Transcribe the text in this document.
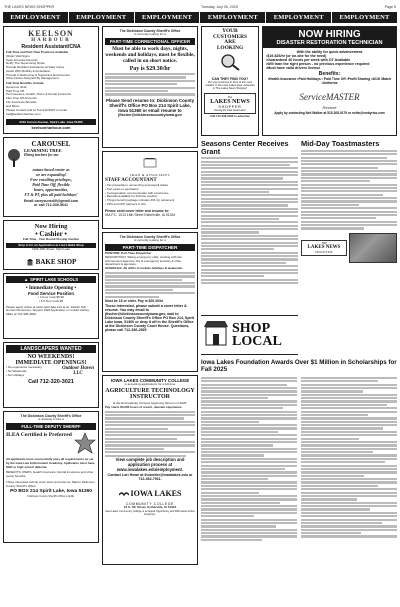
THE LAKES NEWS SHOPPER	Tuesday, July 05, 2025	Page 5
EMPLOYMENT	EMPLOYMENT	EMPLOYMENT	EMPLOYMENT	EMPLOYMENT	EMPLOYMENT
KEELSON
HARBOUR
Resident Assistant/CNA
Full-Time and Part-Time Positions Available
Obtain Vital Signs
Keep Accurate Records
Notify The Supervising Nurse
Provide Resident Assistance w/ Daily Cares
Assist With Mobility & Ambulation
Provide a Welcoming & Supportive Environment
Other Duties Assigned By Management
Full-Time Benefits include:
Generous 401k
Paid Time Off
Pet Insurance, Health, Vision & Dental Insurance
Flex Time Off Accounts
Life Insurance Benefits
and More!
Please Contact Cali at 712-210-5097 or email: cali@keelsonharbour.com
2010 Aurora Avenue, Spirit Lake, Iowa 51360
keelsonharbour.com
CAROUSEL
LEARNING TREE
Hiring teachers for our
nature based center as
we are expanding!
Free enrolling privileges,
Paid Time Off, flexible
hours, opportunities,
FT & PT, plus all paid holidays!
Email carrysunsdill@gmail.com
or call 712-339-5641
Now Hiring
• Cashier •
Full-Time - Year Round Closing Cashier
Stop in for an Application at Lisa's Bake Shop
1906 18th Street, Spirit Lake
BAKE SHOP
▲ SPIRIT LAKE SCHOOLS
• Immediate Opening •
Food Service Position
• 4 hour cook $5.90
• 5.5 hour cook $5
Please apply online at www.spirit-lake.k12.ia.us. District Tab, Human Resources, Support Staff Application or contact Ashley Miller at 712-336-2820.
LANDSCAPERS WANTED
NO WEEKENDS!
IMMEDIATE OPENINGS!
• No experience necessary
• No Weekends
• No Holidays
Outdoor Haven LLC
Call 712-320-3021
The Dickinson County Sheriff's Office
is Seeking to hire a
FULL-TIME DEPUTY SHERIFF
ILEA Certified is Preferred
All applicants must successfully pass all requirements as set by the Iowa Law Enforcement Academy. Applicants must have GED or high school diploma.
BENEFITS: IPERS, Health Insurance, Dental insurance and other yearly benefits.
Those interested submit cover letter and resume. Mail to Dickinson County Sheriff's Office
PO BOX 214 Spirit Lake, Iowa 51360
Dickinson County Sheriff's Office is EOE.
The Dickinson County Sheriff's Office
is currently looking for a
PART-TIME CORRECTIONAL OFFICER
Must be able to work days, nights, weekends and holidays, must be flexible, called in on short notice.
Pay is $29.30/hr
Please Send resume to: Dickinson County Sheriff's Office PO Box 214 Spirit Lake, Iowa 51360 or email resume to
jfischer@dickinsoncountyiowa.gov
IMAN & ASSOCIATES
STAFF ACCOUNTANT
• Tax preparation, accounting and payroll duties
• Two years or equivalent
• Compensation commensurate with experience
• Benefits available for full-time position
• Things benefit package includes 401 (k) retirement
• CPA and CFP partners in firm
Please send cover letter and resume to:
ISA P.C. 1013 16th Street Estherville, IA 51334
The Dickinson County Sheriff's Office
is currently looking for a
PART-TIME DISPATCHER
POSITION: Part-Time Dispatcher
DESCRIPTION: Taking emergency calls, working with law enforcement agencies, fire & emergency services & other department & agencies.
SCHEDULE: All shifts to include holidays & weekends.
Must be 18 or older. Pay is $29.30/hr
Those interested, please submit a cover letter & resume. You may email to jfischer@dickinsoncountyiowa.gov, mail to Dickinson County Sheriff's Office PO Box 214, Spirit Lake Iowa, 51360 or drop it off in the Sheriff's Office at the Dickinson County Court House. Questions, please call 712-336-2925
IOWA LAKES COMMUNITY COLLEGE
is accepting applications for a full-time
AGRICULTURE TECHNOLOGY INSTRUCTOR
at the Emmetsburg Campus beginning fall term of 2025.
Pay starts $3,000 hours of recent, relevant experience
View complete job description and application process at www.iowalakes.edu/employment.
Contact Lori Howe at lhoweller@iowalakes.edu or 712-362-7911.
IOWA LAKES
COMMUNITY COLLEGE
19 S. 7th Street, Estherville, IA 51334
Iowa Lakes Community College is an Equal Opportunity and Affirmative Action Employer.
YOUR
CUSTOMERS
ARE
LOOKING
CAN THEY FIND YOU?
Put your business in front of the most readers in the Iowa Lakes area. Advertise in The Lakes News Shopper!
The
LAKES NEWS
SHOPPER
Serving the Iowa Great Lakes
Call 712-336-2185 to advertise
NOW HIRING
DISASTER RESTORATION TECHNICIAN
With the ability for quick advancement
•$19-$26/hr (or on-site for the need)
•Guaranteed 40 hours per week with OT Available
•Will train the right person - no previous experience required
•Must have valid drivers license
Benefits:
•Health Insurance •Paid Holidays • Paid Time Off •Profit Sharing •401K Match •Uniforms
ServiceMASTER
Restore
Apply by contacting Neil Walker at 515-208-9179 or neilw@smbyrico.com
Seasons Center Receives Grant
Mid-Day Toastmasters
THE
LAKES NEWS
SHOPPER
SHOP
LOCAL
Iowa Lakes Foundation Awards Over $1 Million in Scholarships for Fall 2025
